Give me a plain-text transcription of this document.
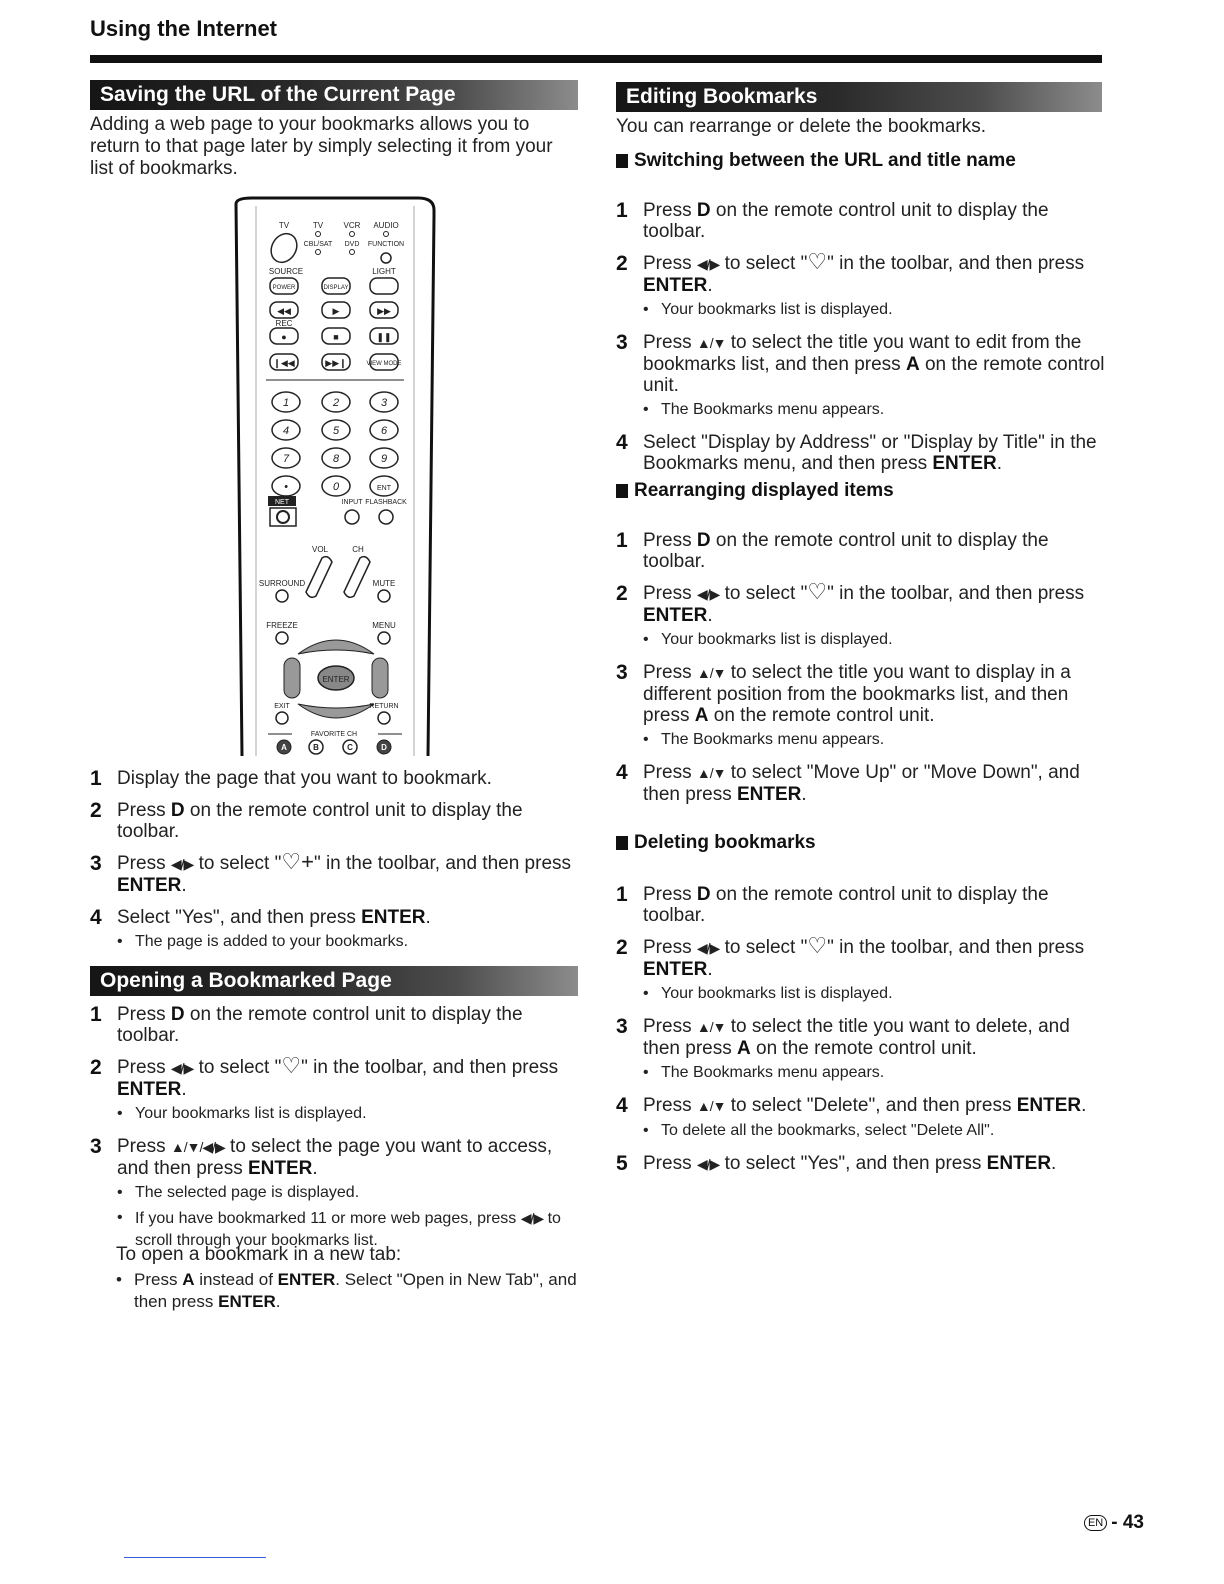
Using the Internet
Saving the URL of the Current Page
Adding a web page to your bookmarks allows you to return to that page later by simply selecting it from your list of bookmarks.
TV	TV	VCR AUDIO
CBL/SAT DVD FUNCTION
SOURCE	LIGHT
REC
POWER	DISPLAY
VIEW MODE
◀◀	▶	▶▶
●	■	❚❚
❙◀◀	▶▶❙
1	2	3
4	5	6
7	8	9
•	0	ENT
NET	INPUT FLASHBACK
VOL	CH
SURROUND	MUTE
FREEZE	MENU
ENTER
EXIT	RETURN
FAVORITE CH
A	B	C	D
1 Display the page that you want to bookmark.
2 Press D on the remote control unit to display the toolbar.
3 Press ◀/▶ to select "♡+" in the toolbar, and then press ENTER.
4 Select "Yes", and then press ENTER.
• The page is added to your bookmarks.
Opening a Bookmarked Page
1 Press D on the remote control unit to display the toolbar.
2 Press ◀/▶ to select "♡" in the toolbar, and then press ENTER.
• Your bookmarks list is displayed.
3 Press ▲/▼/◀/▶ to select the page you want to access, and then press ENTER.
• The selected page is displayed.
• If you have bookmarked 11 or more web pages, press ◀/▶ to scroll through your bookmarks list.
To open a bookmark in a new tab:
• Press A instead of ENTER. Select "Open in New Tab", and then press ENTER.
Editing Bookmarks
You can rearrange or delete the bookmarks.
Switching between the URL and title name
1 Press D on the remote control unit to display the toolbar.
2 Press ◀/▶ to select "♡" in the toolbar, and then press ENTER.
• Your bookmarks list is displayed.
3 Press ▲/▼ to select the title you want to edit from the bookmarks list, and then press A on the remote control unit.
• The Bookmarks menu appears.
4 Select "Display by Address" or "Display by Title" in the Bookmarks menu, and then press ENTER.
Rearranging displayed items
1 Press D on the remote control unit to display the toolbar.
2 Press ◀/▶ to select "♡" in the toolbar, and then press ENTER.
• Your bookmarks list is displayed.
3 Press ▲/▼ to select the title you want to display in a different position from the bookmarks list, and then press A on the remote control unit.
• The Bookmarks menu appears.
4 Press ▲/▼ to select "Move Up" or "Move Down", and then press ENTER.
Deleting bookmarks
1 Press D on the remote control unit to display the toolbar.
2 Press ◀/▶ to select "♡" in the toolbar, and then press ENTER.
• Your bookmarks list is displayed.
3 Press ▲/▼ to select the title you want to delete, and then press A on the remote control unit.
• The Bookmarks menu appears.
4 Press ▲/▼ to select "Delete", and then press ENTER.
• To delete all the bookmarks, select "Delete All".
5 Press ◀/▶ to select "Yes", and then press ENTER.
EN - 43
